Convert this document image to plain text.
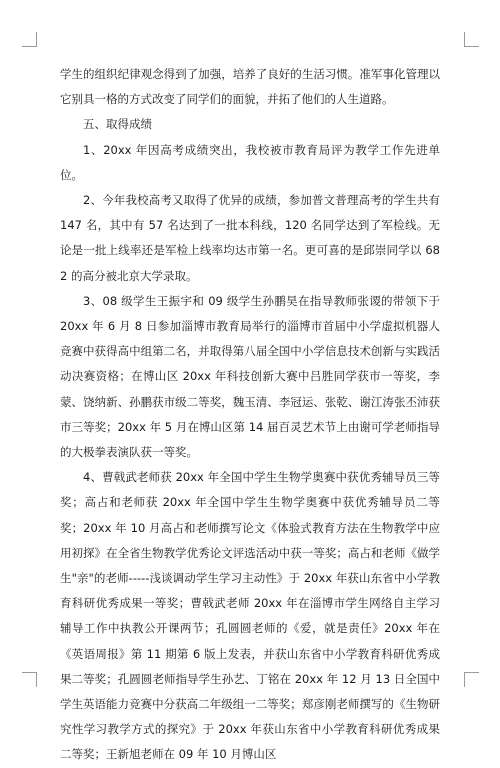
学生的组织纪律观念得到了加强，培养了良好的生活习惯。准军事化管理以它别具一格的方式改变了同学们的面貌，并拓了他们的人生道路。

五、取得成绩

1、20xx 年因高考成绩突出，我校被市教育局评为教学工作先进单位。

2、今年我校高考又取得了优异的成绩，参加普文普理高考的学生共有 147 名，其中有 57 名达到了一批本科线，120 名同学达到了军检线。无论是一批上线率还是军检上线率均达市第一名。更可喜的是邱崇同学以 682 的高分被北京大学录取。

3、08 级学生王振宇和 09 级学生孙鹏昊在指导教师张谡的带领下于 20xx 年 6 月 8 日参加淄博市教育局举行的淄博市首届中小学虚拟机器人竞赛中获得高中组第二名，并取得第八届全国中小学信息技术创新与实践活动决赛资格；在博山区 20xx 年科技创新大赛中吕胜同学获市一等奖，李蒙、饶纳新、孙鹏获市级二等奖，魏玉清、李冠运、张乾、谢江涛张丕沛获市三等奖；20xx 年 5 月在博山区第 14 届百灵艺术节上由谢可学老师指导的大极拳表演队获一等奖。

4、曹戟武老师获 20xx 年全国中学生生物学奥赛中获优秀辅导员三等奖；高占和老师获 20xx 年全国中学生生物学奥赛中获优秀辅导员二等奖；20xx 年 10 月高占和老师撰写论文《体验式教育方法在生物教学中应用初探》在全省生物教学优秀论文评选活动中获一等奖；高占和老师《做学生"亲"的老师-----浅谈调动学生学习主动性》于 20xx 年获山东省中小学教育科研优秀成果一等奖；曹戟武老师 20xx 年在淄博市学生网络自主学习辅导工作中执教公开课两节；孔圆圆老师的《爱，就是责任》20xx 年在《英语周报》第 11 期第 6 版上发表，并获山东省中小学教育科研优秀成果二等奖；孔圆圆老师指导学生孙艺、丁铭在 20xx 年 12 月 13 日全国中学生英语能力竞赛中分获高二年级组一二等奖；郑彦刚老师撰写的《生物研究性学习教学方式的探究》于 20xx 年获山东省中小学教育科研优秀成果二等奖；王新旭老师在 09 年 10 月博山区
